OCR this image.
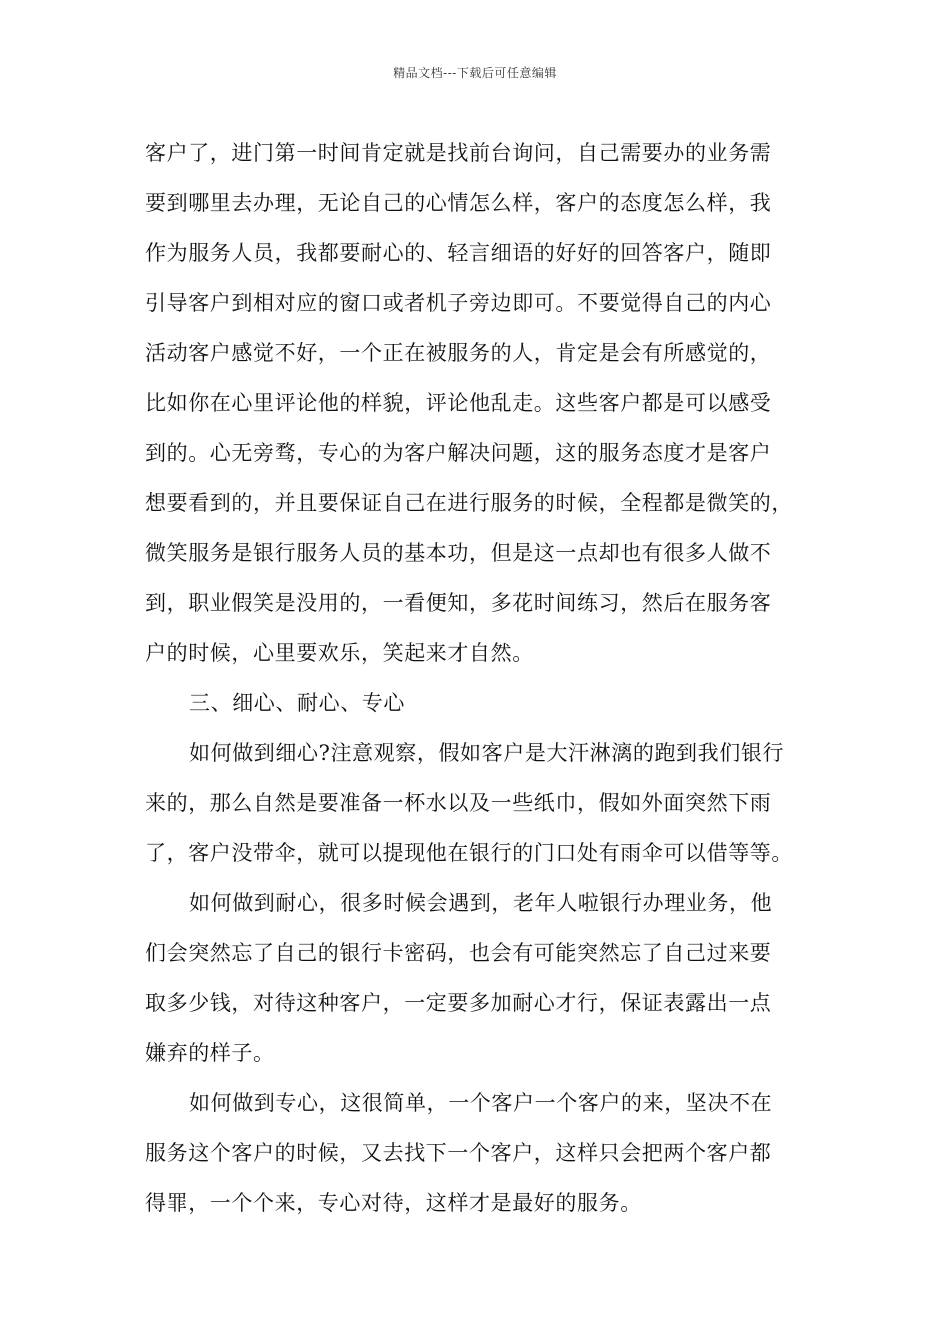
精品文档---下载后可任意编辑
客户了，进门第一时间肯定就是找前台询问，自己需要办的业务需
要到哪里去办理，无论自己的心情怎么样，客户的态度怎么样，我
作为服务人员，我都要耐心的、轻言细语的好好的回答客户，随即
引导客户到相对应的窗口或者机子旁边即可。不要觉得自己的内心
活动客户感觉不好，一个正在被服务的人，肯定是会有所感觉的，
比如你在心里评论他的样貌，评论他乱走。这些客户都是可以感受
到的。心无旁骛，专心的为客户解决问题，这的服务态度才是客户
想要看到的，并且要保证自己在进行服务的时候，全程都是微笑的，
微笑服务是银行服务人员的基本功，但是这一点却也有很多人做不
到，职业假笑是没用的，一看便知，多花时间练习，然后在服务客
户的时候，心里要欢乐，笑起来才自然。
三、细心、耐心、专心
如何做到细心?注意观察，假如客户是大汗淋漓的跑到我们银行
来的，那么自然是要准备一杯水以及一些纸巾，假如外面突然下雨
了，客户没带伞，就可以提现他在银行的门口处有雨伞可以借等等。
如何做到耐心，很多时候会遇到，老年人啦银行办理业务，他
们会突然忘了自己的银行卡密码，也会有可能突然忘了自己过来要
取多少钱，对待这种客户，一定要多加耐心才行，保证表露出一点
嫌弃的样子。
如何做到专心，这很简单，一个客户一个客户的来，坚决不在
服务这个客户的时候，又去找下一个客户，这样只会把两个客户都
得罪，一个个来，专心对待，这样才是最好的服务。
